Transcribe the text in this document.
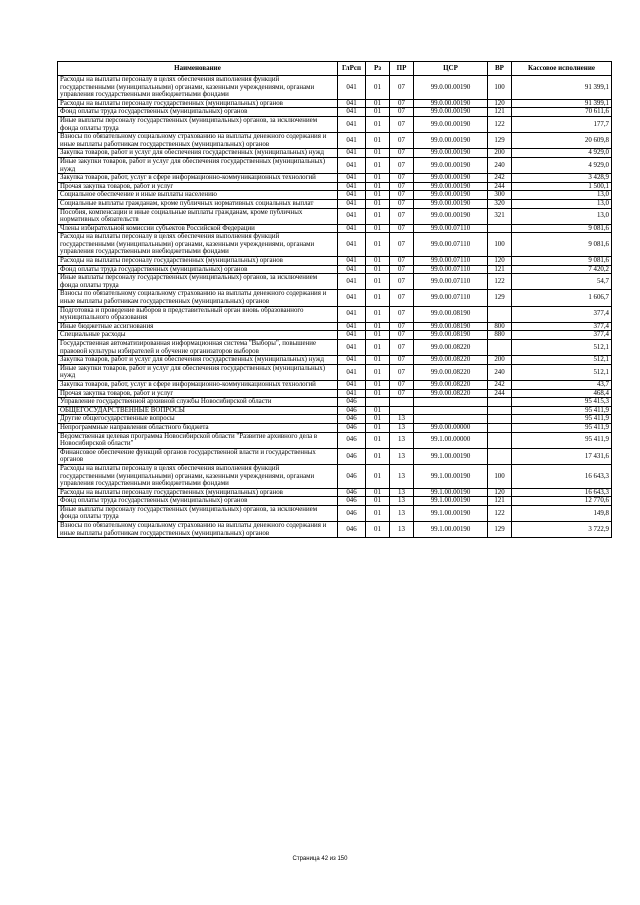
Наименование	ГлРсп	Рз	ПР	ЦСР	ВР	Кассовое исполнение
Расходы на выплаты персоналу в целях обеспечения выполнения функций государственными (муниципальными) органами, казенными учреждениями, органами управления государственными внебюджетными фондами	041	01	07	99.0.00.00190	100	91 399,1
Расходы на выплаты персоналу государственных (муниципальных) органов	041	01	07	99.0.00.00190	120	91 399,1
Фонд оплаты труда государственных (муниципальных) органов	041	01	07	99.0.00.00190	121	70 611,6
Иные выплаты персоналу государственных (муниципальных) органов, за исключением фонда оплаты труда	041	01	07	99.0.00.00190	122	177,7
Взносы по обязательному социальному страхованию на выплаты денежного содержания и иные выплаты работникам государственных (муниципальных) органов	041	01	07	99.0.00.00190	129	20 609,8
Закупка товаров, работ и услуг для обеспечения государственных (муниципальных) нужд	041	01	07	99.0.00.00190	200	4 929,0
Иные закупки товаров, работ и услуг для обеспечения государственных (муниципальных) нужд	041	01	07	99.0.00.00190	240	4 929,0
Закупка товаров, работ, услуг в сфере информационно-коммуникационных технологий	041	01	07	99.0.00.00190	242	3 428,9
Прочая закупка товаров, работ и услуг	041	01	07	99.0.00.00190	244	1 500,1
Социальное обеспечение и иные выплаты населению	041	01	07	99.0.00.00190	300	13,0
Социальные выплаты гражданам, кроме публичных нормативных социальных выплат	041	01	07	99.0.00.00190	320	13,0
Пособия, компенсации и иные социальные выплаты гражданам, кроме публичных нормативных обязательств	041	01	07	99.0.00.00190	321	13,0
Члены избирательной комиссии субъектов Российской Федерации	041	01	07	99.0.00.07110		9 081,6
Расходы на выплаты персоналу в целях обеспечения выполнения функций государственными (муниципальными) органами, казенными учреждениями, органами управления государственными внебюджетными фондами	041	01	07	99.0.00.07110	100	9 081,6
Расходы на выплаты персоналу государственных (муниципальных) органов	041	01	07	99.0.00.07110	120	9 081,6
Фонд оплаты труда государственных (муниципальных) органов	041	01	07	99.0.00.07110	121	7 420,2
Иные выплаты персоналу государственных (муниципальных) органов, за исключением фонда оплаты труда	041	01	07	99.0.00.07110	122	54,7
Взносы по обязательному социальному страхованию на выплаты денежного содержания и иные выплаты работникам государственных (муниципальных) органов	041	01	07	99.0.00.07110	129	1 606,7
Подготовка и проведение выборов в представительный орган вновь образованного муниципального образования	041	01	07	99.0.00.08190		377,4
Иные бюджетные ассигнования	041	01	07	99.0.00.08190	800	377,4
Специальные расходы	041	01	07	99.0.00.08190	880	377,4
Государственная автоматизированная информационная система "Выборы", повышение правовой культуры избирателей и обучение организаторов выборов	041	01	07	99.0.00.08220		512,1
Закупка товаров, работ и услуг для обеспечения государственных (муниципальных) нужд	041	01	07	99.0.00.08220	200	512,1
Иные закупки товаров, работ и услуг для обеспечения государственных (муниципальных) нужд	041	01	07	99.0.00.08220	240	512,1
Закупка товаров, работ, услуг в сфере информационно-коммуникационных технологий	041	01	07	99.0.00.08220	242	43,7
Прочая закупка товаров, работ и услуг	041	01	07	99.0.00.08220	244	468,4
Управление государственной архивной службы Новосибирской области	046					95 415,3
ОБЩЕГОСУДАРСТВЕННЫЕ ВОПРОСЫ	046	01				95 411,9
Другие общегосударственные вопросы	046	01	13			95 411,9
Непрограммные направления областного бюджета	046	01	13	99.0.00.00000		95 411,9
Ведомственная целевая программа Новосибирской области "Развитие архивного дела в Новосибирской области"	046	01	13	99.1.00.00000		95 411,9
Финансовое обеспечение функций органов государственной власти и государственных органов	046	01	13	99.1.00.00190		17 431,6
Расходы на выплаты персоналу в целях обеспечения выполнения функций государственными (муниципальными) органами, казенными учреждениями, органами управления государственными внебюджетными фондами	046	01	13	99.1.00.00190	100	16 643,3
Расходы на выплаты персоналу государственных (муниципальных) органов	046	01	13	99.1.00.00190	120	16 643,3
Фонд оплаты труда государственных (муниципальных) органов	046	01	13	99.1.00.00190	121	12 770,6
Иные выплаты персоналу государственных (муниципальных) органов, за исключением фонда оплаты труда	046	01	13	99.1.00.00190	122	149,8
Взносы по обязательному социальному страхованию на выплаты денежного содержания и иные выплаты работникам государственных (муниципальных) органов	046	01	13	99.1.00.00190	129	3 722,9
Страница 42 из 150
